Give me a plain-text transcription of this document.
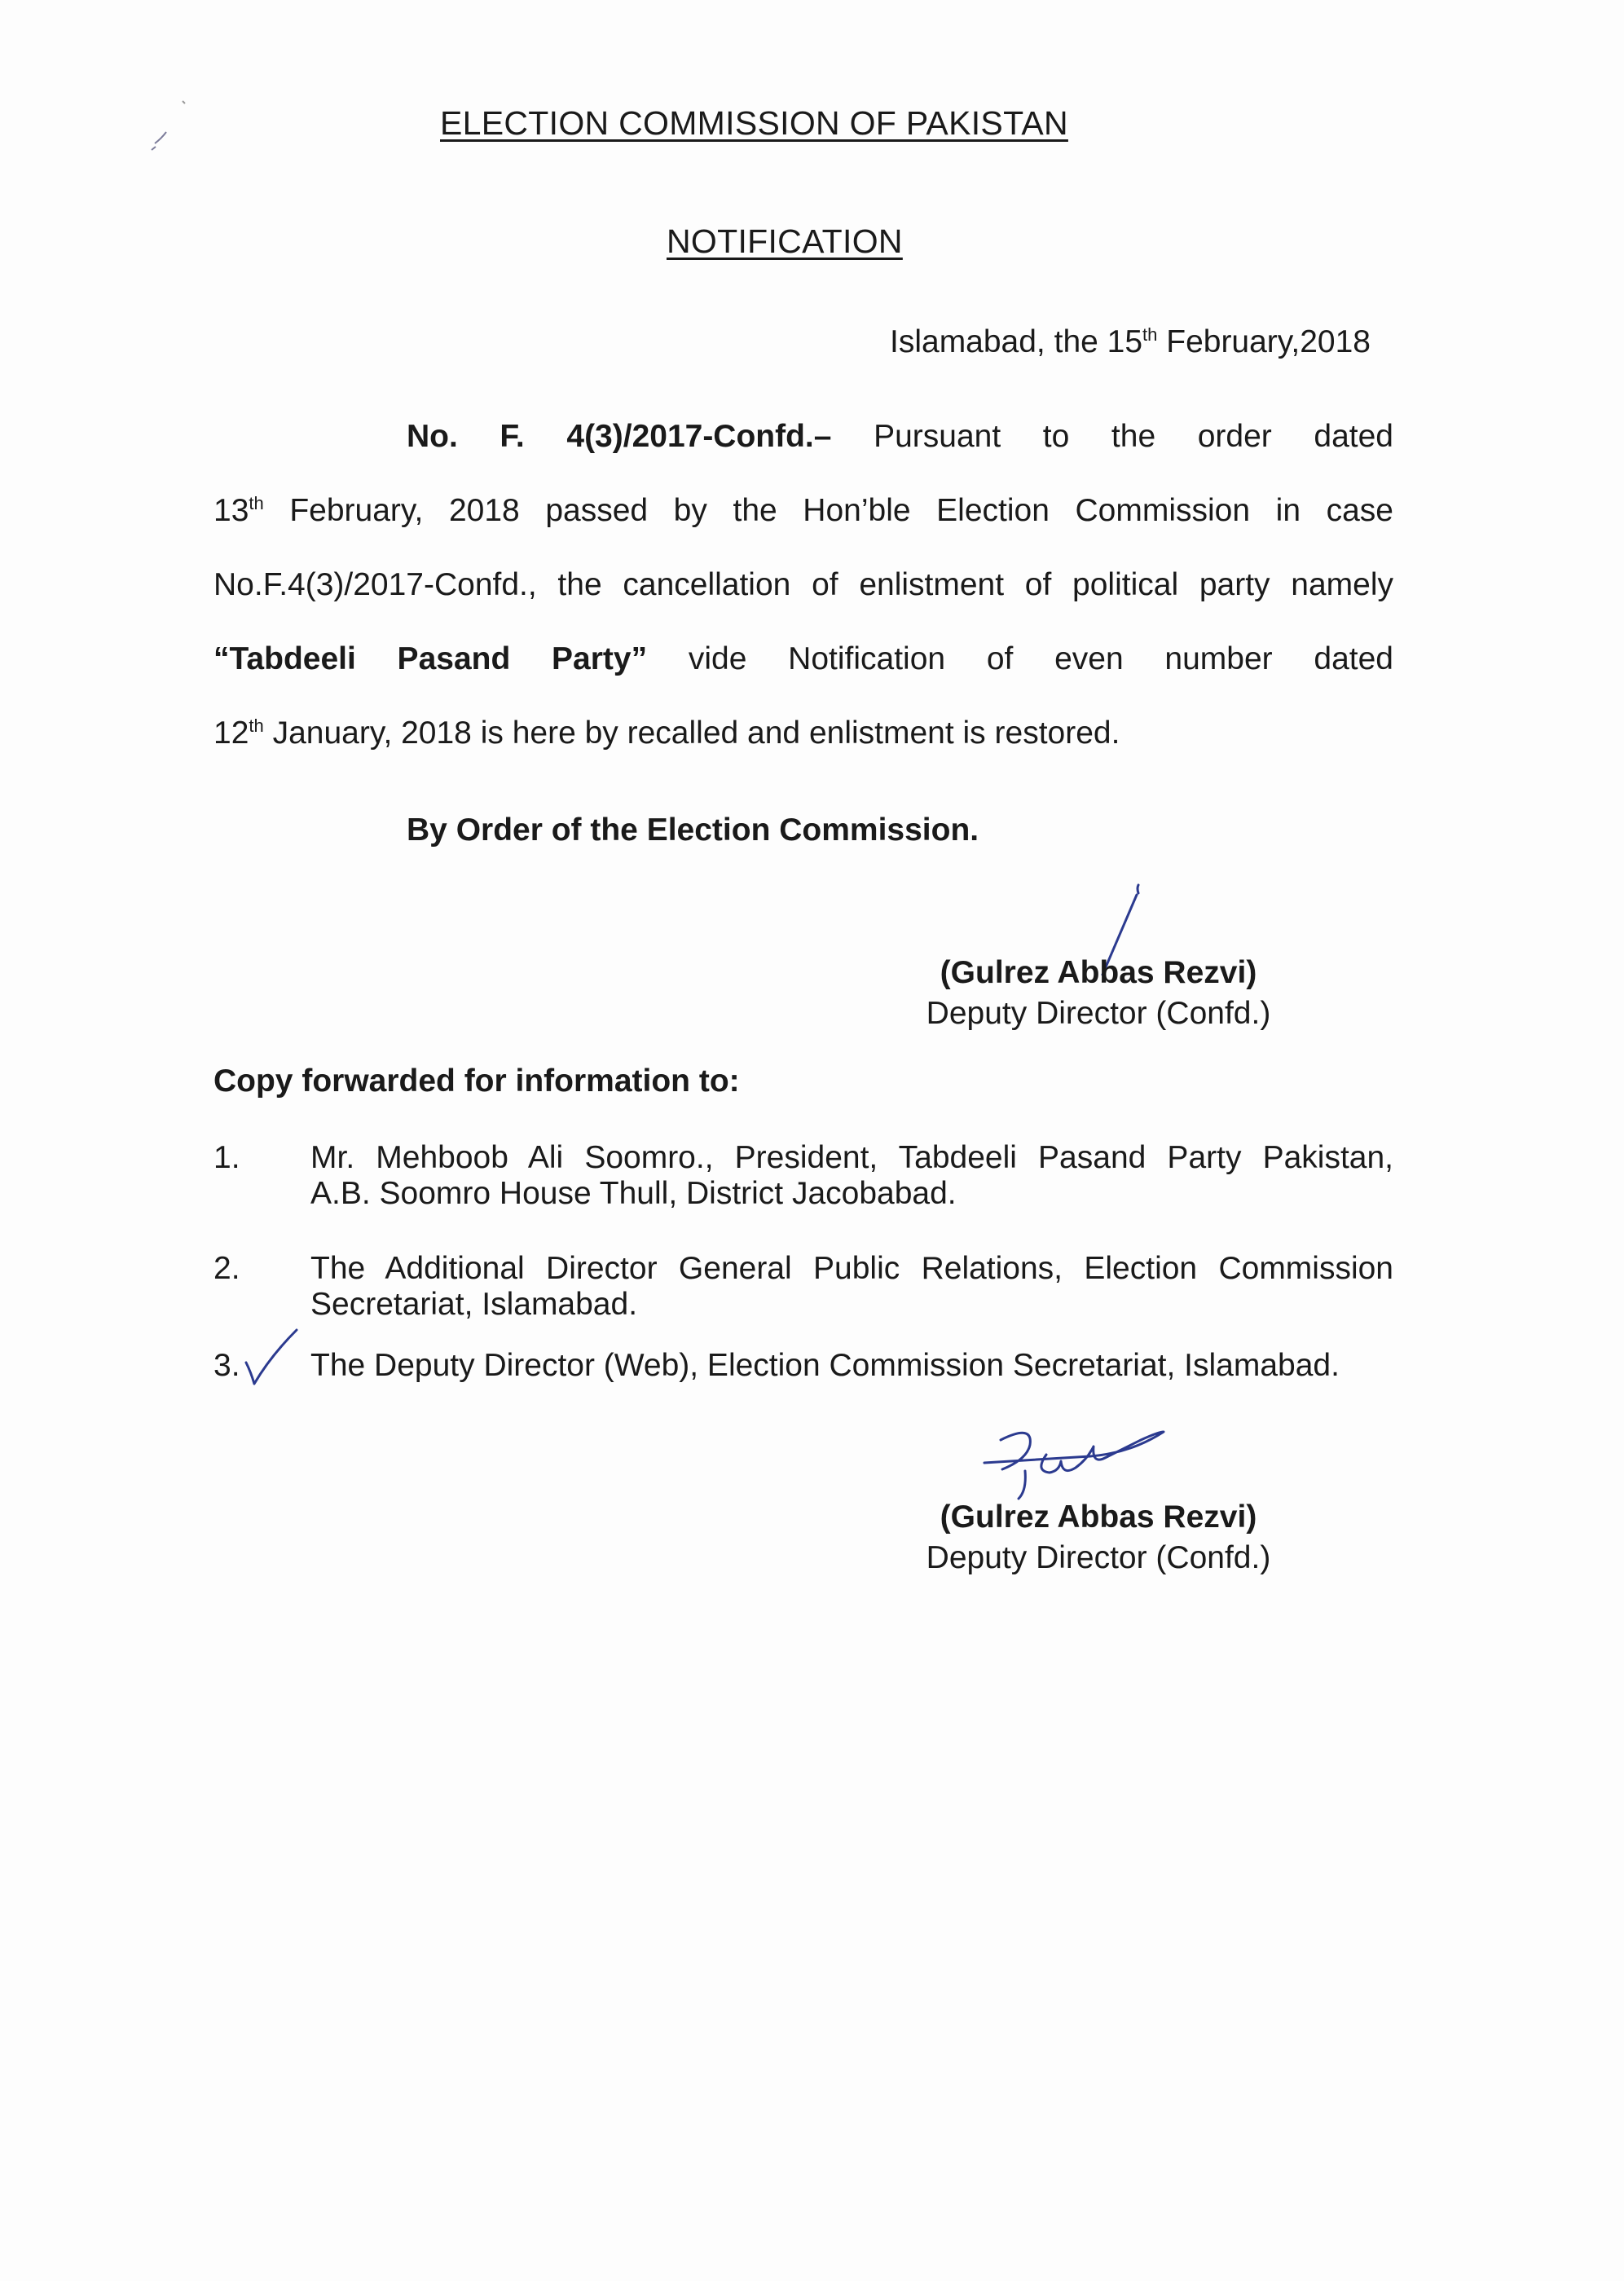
ELECTION COMMISSION OF PAKISTAN
NOTIFICATION
Islamabad, the 15th February,2018
No. F. 4(3)/2017-Confd.– Pursuant to the order dated
13th February, 2018 passed by the Hon’ble Election Commission in case
No.F.4(3)/2017-Confd., the cancellation of enlistment of political party namely
“Tabdeeli Pasand Party” vide Notification of even number dated
12th January, 2018 is here by recalled and enlistment is restored.
By Order of the Election Commission.
(Gulrez Abbas Rezvi)
Deputy Director (Confd.)
Copy forwarded for information to:
1.	Mr. Mehboob Ali Soomro., President, Tabdeeli Pasand Party Pakistan,
A.B. Soomro House Thull, District Jacobabad.
2.	The Additional Director General Public Relations, Election Commission
Secretariat, Islamabad.
3.	The Deputy Director (Web), Election Commission Secretariat, Islamabad.
(Gulrez Abbas Rezvi)
Deputy Director (Confd.)
